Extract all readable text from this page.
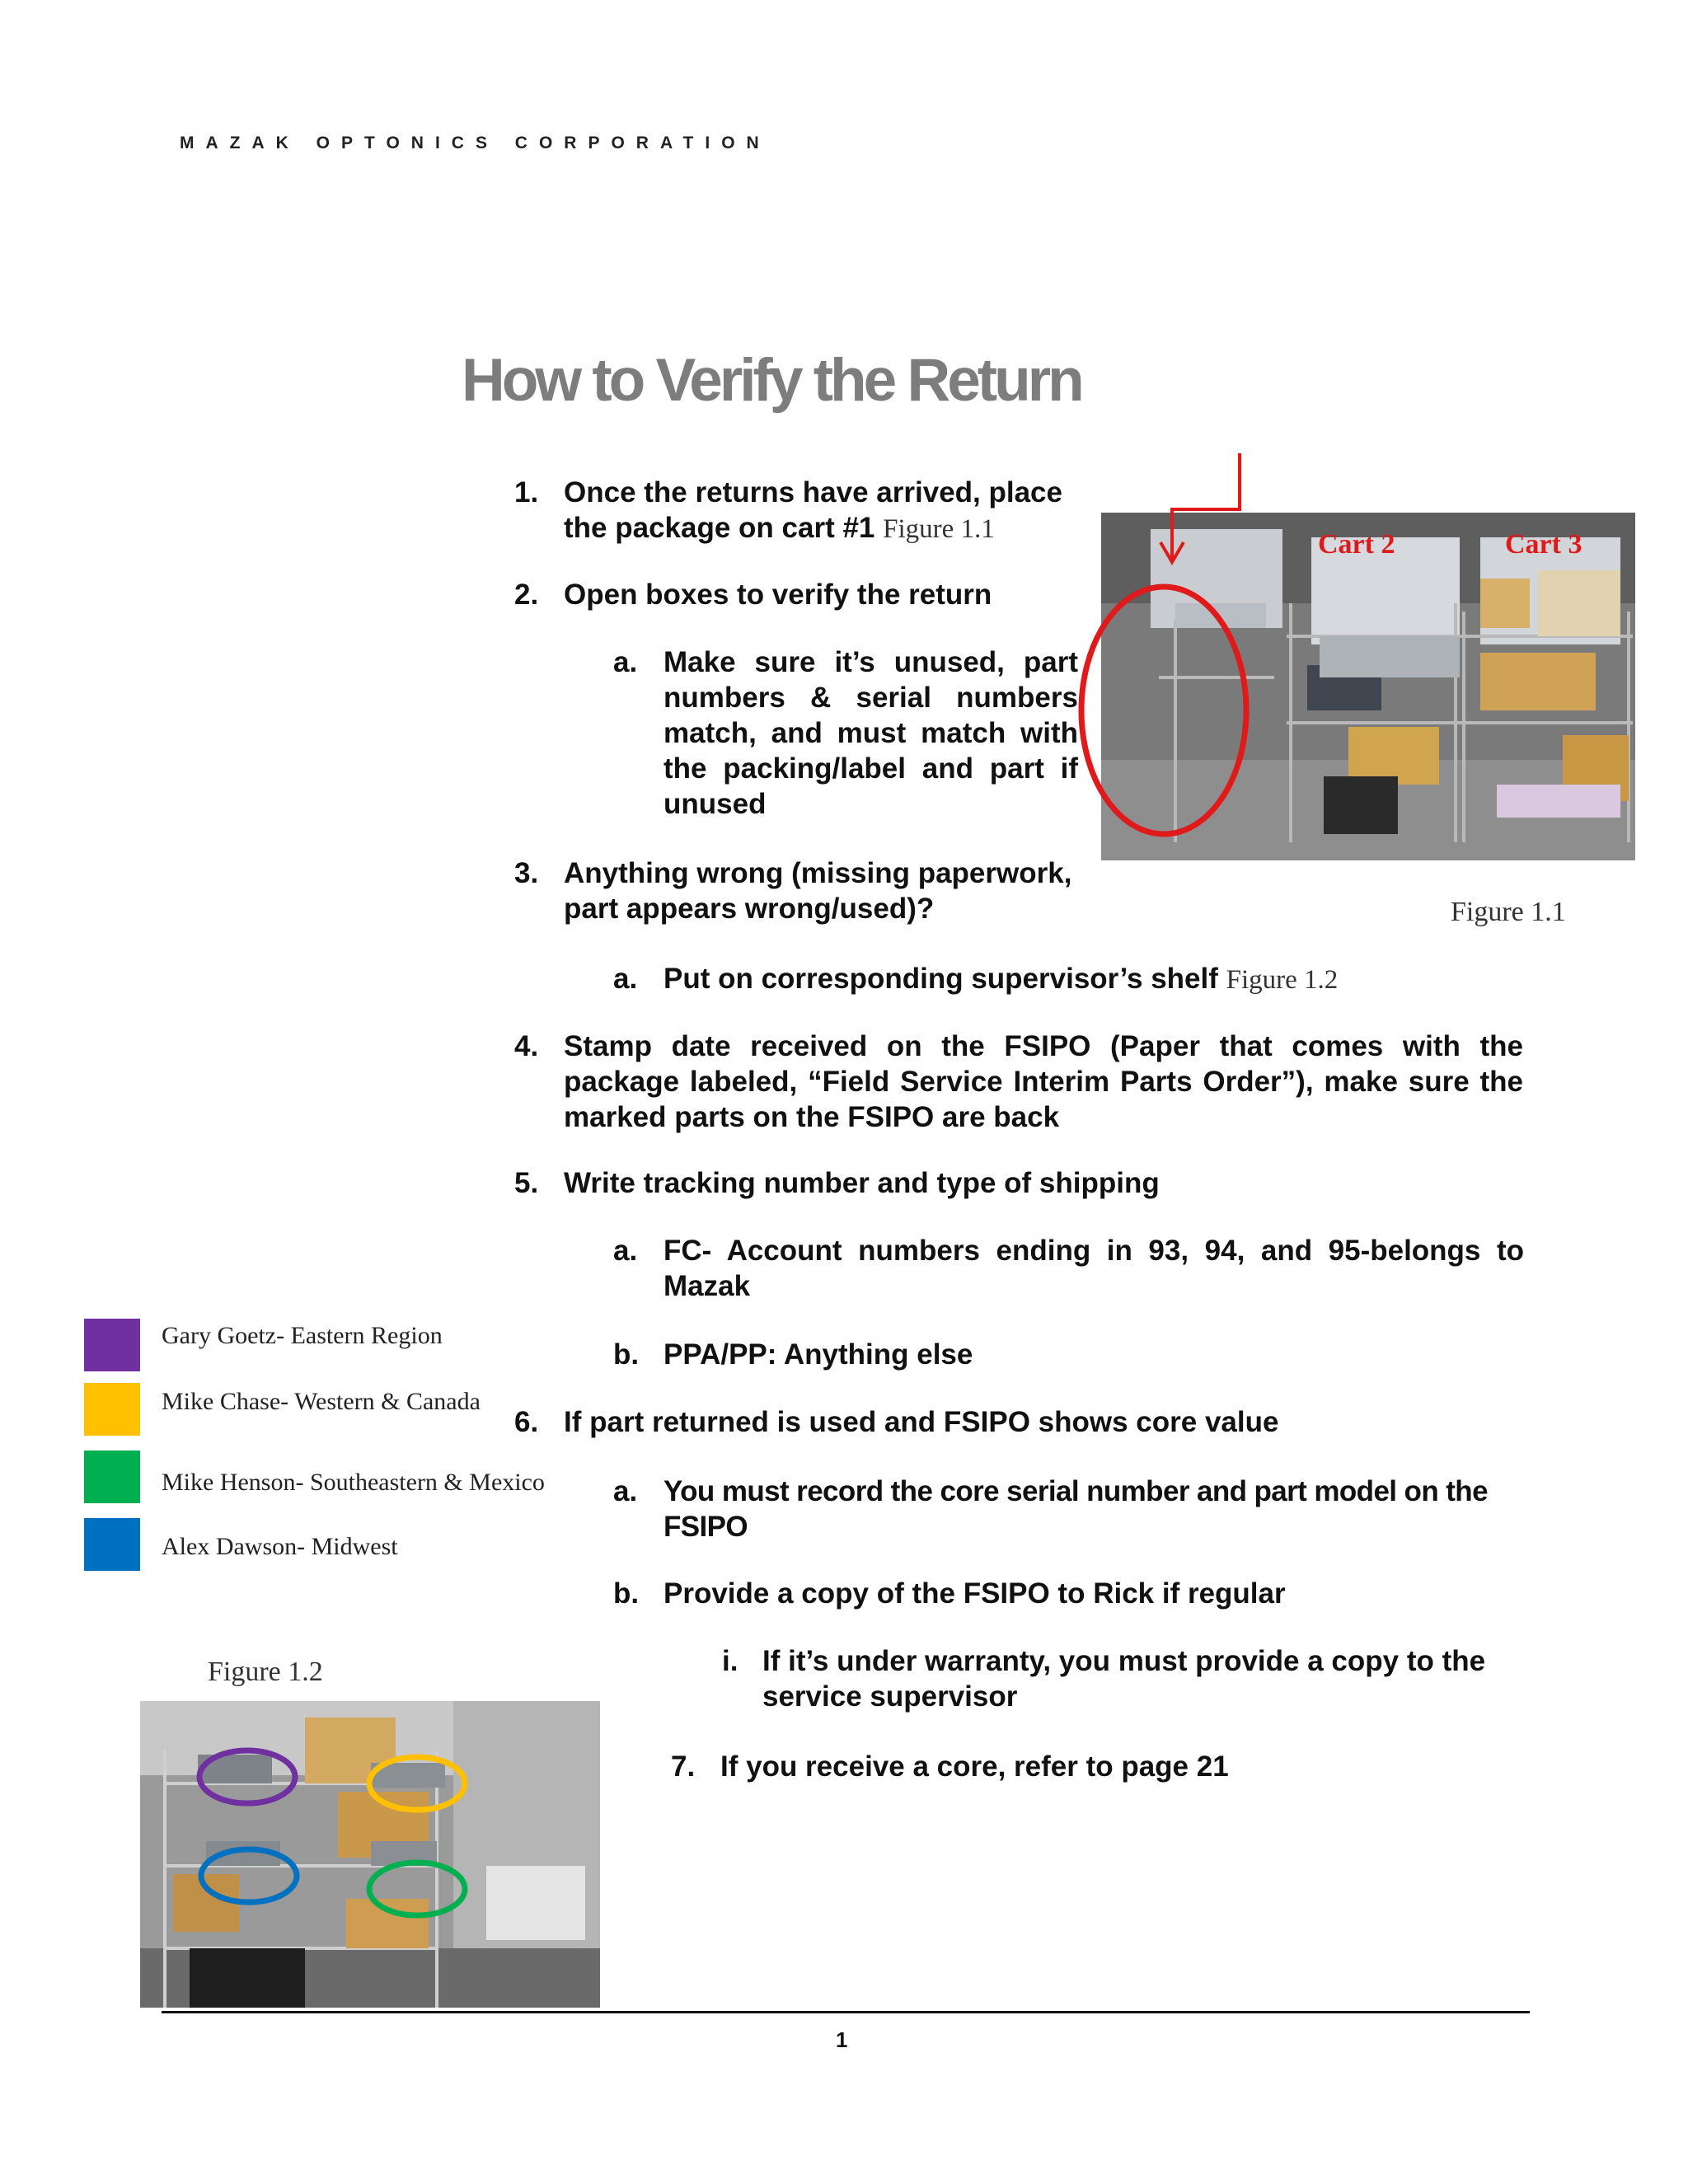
MAZAK OPTONICS CORPORATION
How to Verify the Return
1. Once the returns have arrived, place the package on cart #1 Figure 1.1
2. Open boxes to verify the return
a. Make sure it’s unused, part numbers & serial numbers match, and must match with the packing/label and part if unused
3. Anything wrong (missing paperwork, part appears wrong/used)?
a. Put on corresponding supervisor’s shelf Figure 1.2
4. Stamp date received on the FSIPO (Paper that comes with the package labeled, “Field Service Interim Parts Order”), make sure the marked parts on the FSIPO are back
5. Write tracking number and type of shipping
a. FC- Account numbers ending in 93, 94, and 95-belongs to Mazak
b. PPA/PP: Anything else
6. If part returned is used and FSIPO shows core value
a. You must record the core serial number and part model on the FSIPO
b. Provide a copy of the FSIPO to Rick if regular
i. If it’s under warranty, you must provide a copy to the service supervisor
7. If you receive a core, refer to page 21
Cart 2	Cart 3
Figure 1.1
Gary Goetz- Eastern Region
Mike Chase- Western & Canada
Mike Henson- Southeastern & Mexico
Alex Dawson- Midwest
Figure 1.2
1
